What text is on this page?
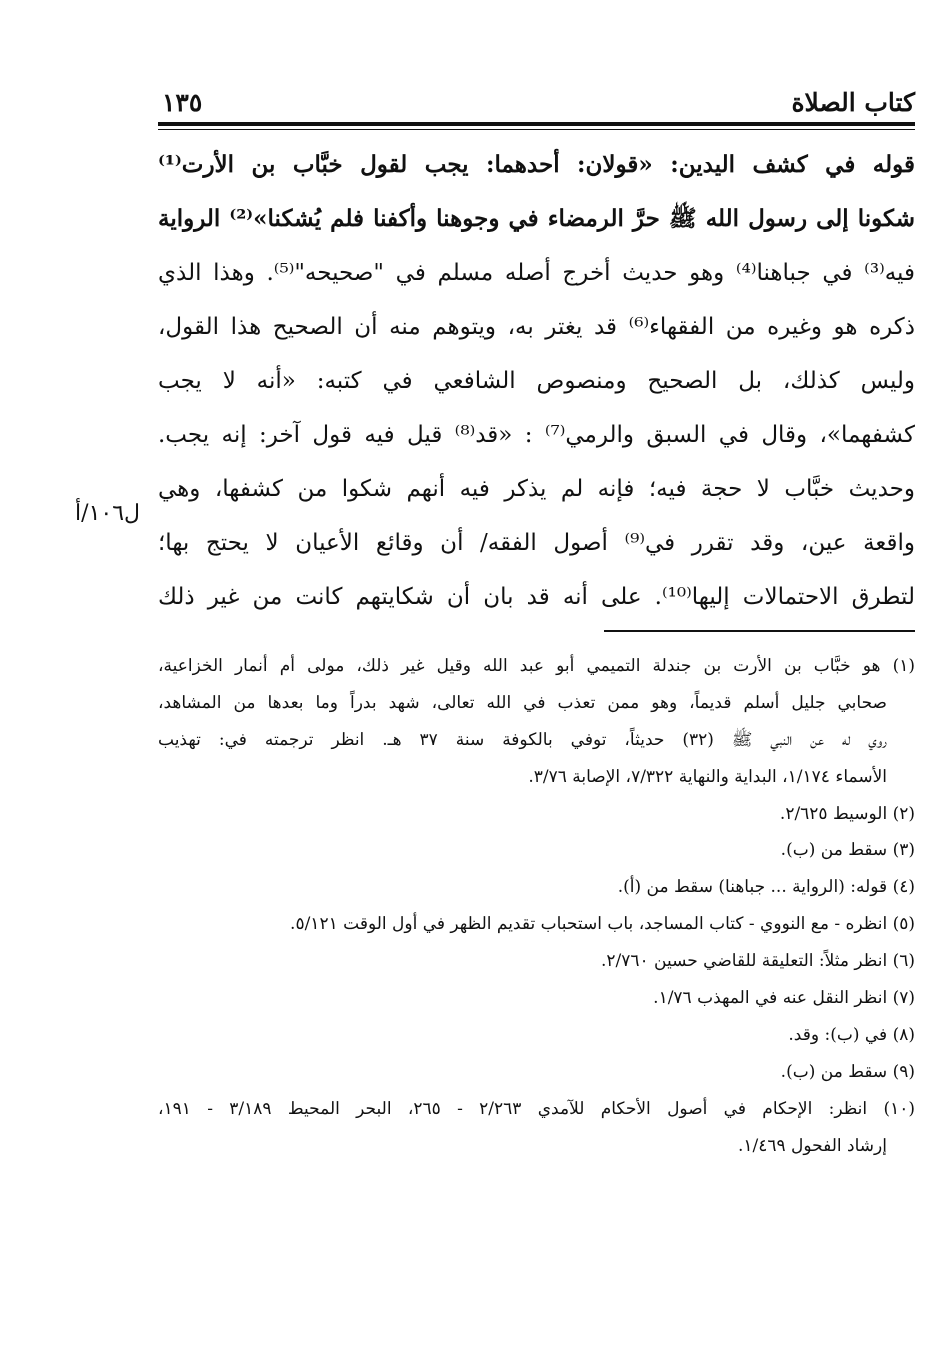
كتاب الصلاة
١٣٥
قوله في كشف اليدين: «قولان: أحدهما: يجب لقول خبَّاب بن الأرت⁽¹⁾
شكونا إلى رسول الله ﷺ حرَّ الرمضاء في وجوهنا وأكفنا فلم يُشكنا»⁽²⁾ الرواية
فيه⁽³⁾ في جباهنا⁽⁴⁾ وهو حديث أخرج أصله مسلم في "صحيحه"⁽⁵⁾. وهذا الذي
ذكره هو وغيره من الفقهاء⁽⁶⁾ قد يغتر به، ويتوهم منه أن الصحيح هذا القول،
وليس كذلك، بل الصحيح ومنصوص الشافعي في كتبه: «أنه لا يجب
كشفهما»، وقال في السبق والرمي⁽⁷⁾ : «قد⁽⁸⁾ قيل فيه قول آخر: إنه يجب.
وحديث خبَّاب لا حجة فيه؛ فإنه لم يذكر فيه أنهم شكوا من كشفها، وهي
واقعة عين، وقد تقرر في⁽⁹⁾ أصول الفقه/ أن وقائع الأعيان لا يحتج بها؛
لتطرق الاحتمالات إليها⁽¹⁰⁾. على أنه قد بان أن شكايتهم كانت من غير ذلك
ل١٠٦/أ
(١) هو خبَّاب بن الأرت بن جندلة التميمي أبو عبد الله وقيل غير ذلك، مولى أم أنمار الخزاعية،
صحابي جليل أسلم قديماً، وهو ممن تعذب في الله تعالى، شهد بدراً وما بعدها من المشاهد،
روي له عن النبي ﷺ (٣٢) حديثاً، توفي بالكوفة سنة ٣٧ هـ. انظر ترجمته في: تهذيب
الأسماء ١/١٧٤، البداية والنهاية ٧/٣٢٢، الإصابة ٣/٧٦.
(٢) الوسيط ٢/٦٢٥.
(٣) سقط من (ب).
(٤) قوله: (الرواية ... جباهنا) سقط من (أ).
(٥) انظره - مع النووي - كتاب المساجد، باب استحباب تقديم الظهر في أول الوقت ٥/١٢١.
(٦) انظر مثلاً: التعليقة للقاضي حسين ٢/٧٦٠.
(٧) انظر النقل عنه في المهذب ١/٧٦.
(٨) في (ب): وقد.
(٩) سقط من (ب).
(١٠) انظر: الإحكام في أصول الأحكام للآمدي ٢/٢٦٣ - ٢٦٥، البحر المحيط ٣/١٨٩ - ١٩١،
إرشاد الفحول ١/٤٦٩.
